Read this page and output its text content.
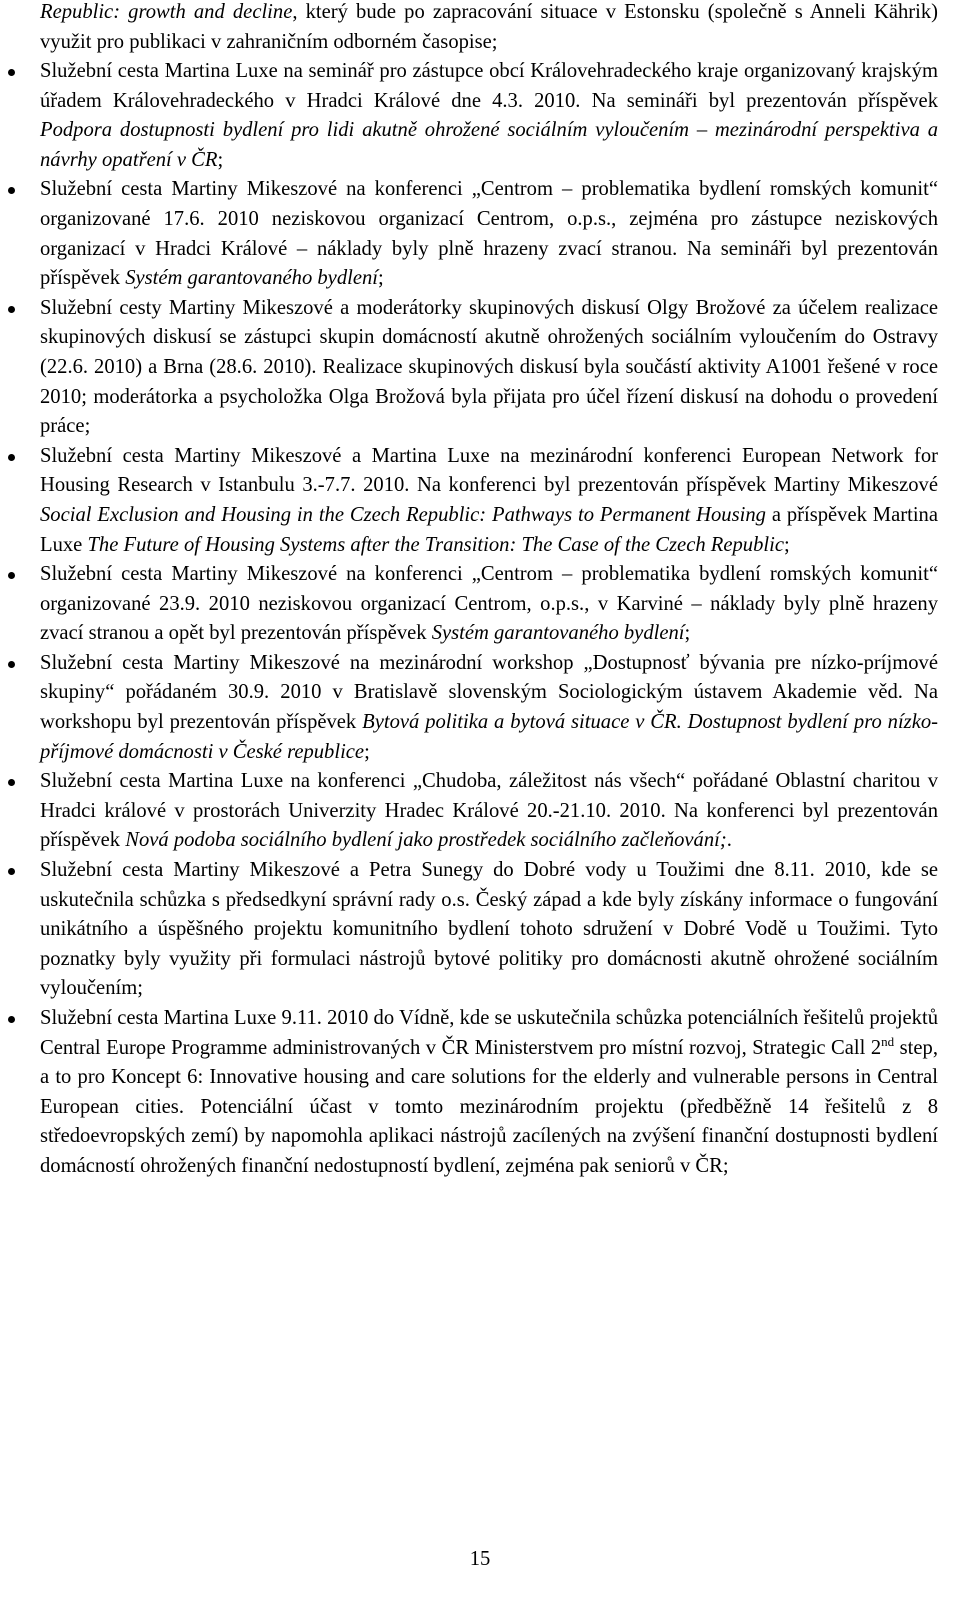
Republic: growth and decline, který bude po zapracování situace v Estonsku (společně s Anneli Kährik) využit pro publikaci v zahraničním odborném časopise;

Služební cesta Martina Luxe na seminář pro zástupce obcí Královehradeckého kraje organizovaný krajským úřadem Královehradeckého v Hradci Králové dne 4.3. 2010. Na semináři byl prezentován příspěvek Podpora dostupnosti bydlení pro lidi akutně ohrožené sociálním vyloučením – mezinárodní perspektiva a návrhy opatření v ČR;
Služební cesta Martiny Mikeszové na konferenci „Centrom – problematika bydlení romských komunit“ organizované 17.6. 2010 neziskovou organizací Centrom, o.p.s., zejména pro zástupce neziskových organizací v Hradci Králové – náklady byly plně hrazeny zvací stranou. Na semináři byl prezentován příspěvek Systém garantovaného bydlení;
Služební cesty Martiny Mikeszové a moderátorky skupinových diskusí Olgy Brožové za účelem realizace skupinových diskusí se zástupci skupin domácností akutně ohrožených sociálním vyloučením do Ostravy (22.6. 2010) a Brna (28.6. 2010). Realizace skupinových diskusí byla součástí aktivity A1001 řešené v roce 2010; moderátorka a psycholožka Olga Brožová byla přijata pro účel řízení diskusí na dohodu o provedení práce;
Služební cesta Martiny Mikeszové a Martina Luxe na mezinárodní konferenci European Network for Housing Research v Istanbulu 3.-7.7. 2010. Na konferenci byl prezentován příspěvek Martiny Mikeszové Social Exclusion and Housing in the Czech Republic: Pathways to Permanent Housing a příspěvek Martina Luxe The Future of Housing Systems after the Transition: The Case of the Czech Republic;
Služební cesta Martiny Mikeszové na konferenci „Centrom – problematika bydlení romských komunit“ organizované 23.9. 2010 neziskovou organizací Centrom, o.p.s., v Karviné – náklady byly plně hrazeny zvací stranou a opět byl prezentován příspěvek Systém garantovaného bydlení;
Služební cesta Martiny Mikeszové na mezinárodní workshop „Dostupnosť bývania pre nízko-príjmové skupiny“ pořádaném 30.9. 2010 v Bratislavě slovenským Sociologickým ústavem Akademie věd. Na workshopu byl prezentován příspěvek Bytová politika a bytová situace v ČR. Dostupnost bydlení pro nízko-příjmové domácnosti v České republice;
Služební cesta Martina Luxe na konferenci „Chudoba, záležitost nás všech“ pořádané Oblastní charitou v Hradci králové v prostorách Univerzity Hradec Králové 20.-21.10. 2010. Na konferenci byl prezentován příspěvek Nová podoba sociálního bydlení jako prostředek sociálního začleňování;.
Služební cesta Martiny Mikeszové a Petra Sunegy do Dobré vody u Toužimi dne 8.11. 2010, kde se uskutečnila schůzka s předsedkyní správní rady o.s. Český západ a kde byly získány informace o fungování unikátního a úspěšného projektu komunitního bydlení tohoto sdružení v Dobré Vodě u Toužimi. Tyto poznatky byly využity při formulaci nástrojů bytové politiky pro domácnosti akutně ohrožené sociálním vyloučením;
Služební cesta Martina Luxe 9.11. 2010 do Vídně, kde se uskutečnila schůzka potenciálních řešitelů projektů Central Europe Programme administrovaných v ČR Ministerstvem pro místní rozvoj, Strategic Call 2nd step, a to pro Koncept 6: Innovative housing and care solutions for the elderly and vulnerable persons in Central European cities. Potenciální účast v tomto mezinárodním projektu (předběžně 14 řešitelů z 8 středoevropských zemí) by napomohla aplikaci nástrojů zacílených na zvýšení finanční dostupnosti bydlení domácností ohrožených finanční nedostupností bydlení, zejména pak seniorů v ČR;
15
